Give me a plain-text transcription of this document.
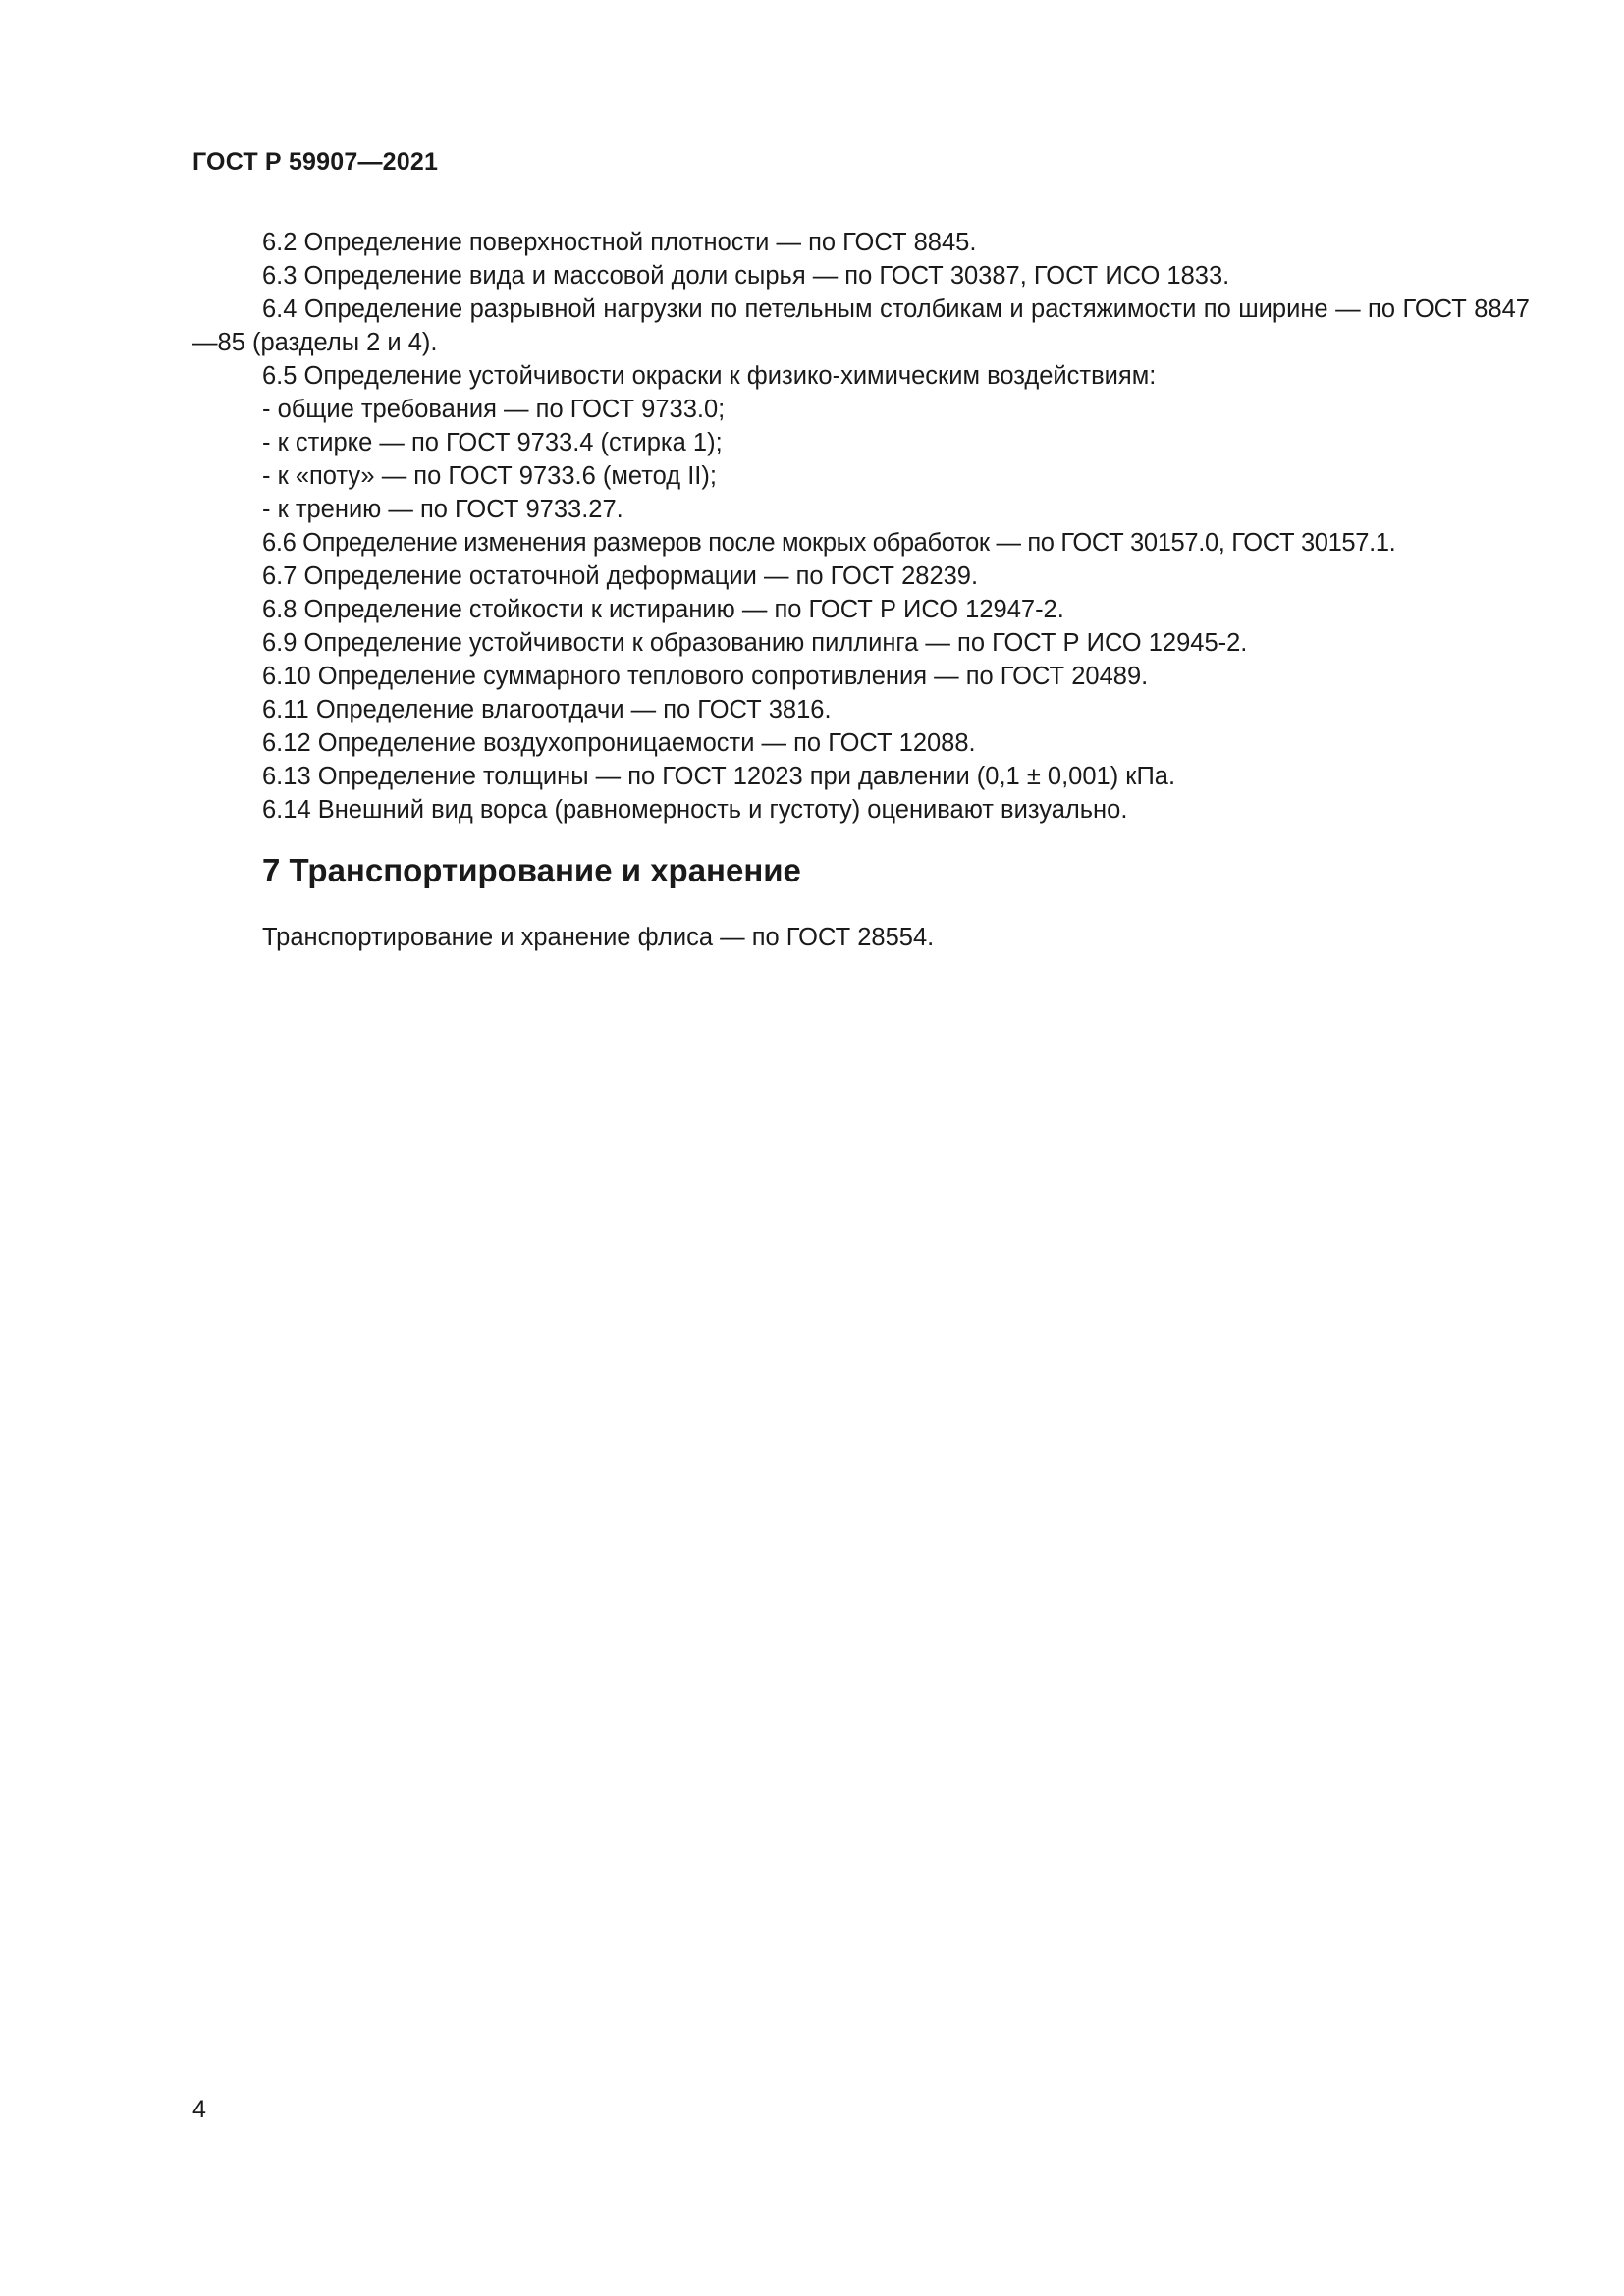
ГОСТ Р 59907—2021

6.2 Определение поверхностной плотности — по ГОСТ 8845.

6.3 Определение вида и массовой доли сырья — по ГОСТ 30387, ГОСТ ИСО 1833.

6.4 Определение разрывной нагрузки по петельным столбикам и растяжимости по ширине — по ГОСТ 8847—85 (разделы 2 и 4).

6.5 Определение устойчивости окраски к физико-химическим воздействиям:

- общие требования — по ГОСТ 9733.0;

- к стирке — по ГОСТ 9733.4 (стирка 1);

- к «поту» — по ГОСТ 9733.6 (метод II);

- к трению — по ГОСТ 9733.27.

6.6 Определение изменения размеров после мокрых обработок — по ГОСТ 30157.0, ГОСТ 30157.1.

6.7 Определение остаточной деформации — по ГОСТ 28239.

6.8 Определение стойкости к истиранию — по ГОСТ Р ИСО 12947-2.

6.9 Определение устойчивости к образованию пиллинга — по ГОСТ Р ИСО 12945-2.

6.10 Определение суммарного теплового сопротивления — по ГОСТ 20489.

6.11 Определение влагоотдачи — по ГОСТ 3816.

6.12 Определение воздухопроницаемости — по ГОСТ 12088.

6.13 Определение толщины — по ГОСТ 12023 при давлении (0,1 ± 0,001) кПа.

6.14 Внешний вид ворса (равномерность и густоту) оценивают визуально.

7 Транспортирование и хранение

Транспортирование и хранение флиса — по ГОСТ 28554.

4
